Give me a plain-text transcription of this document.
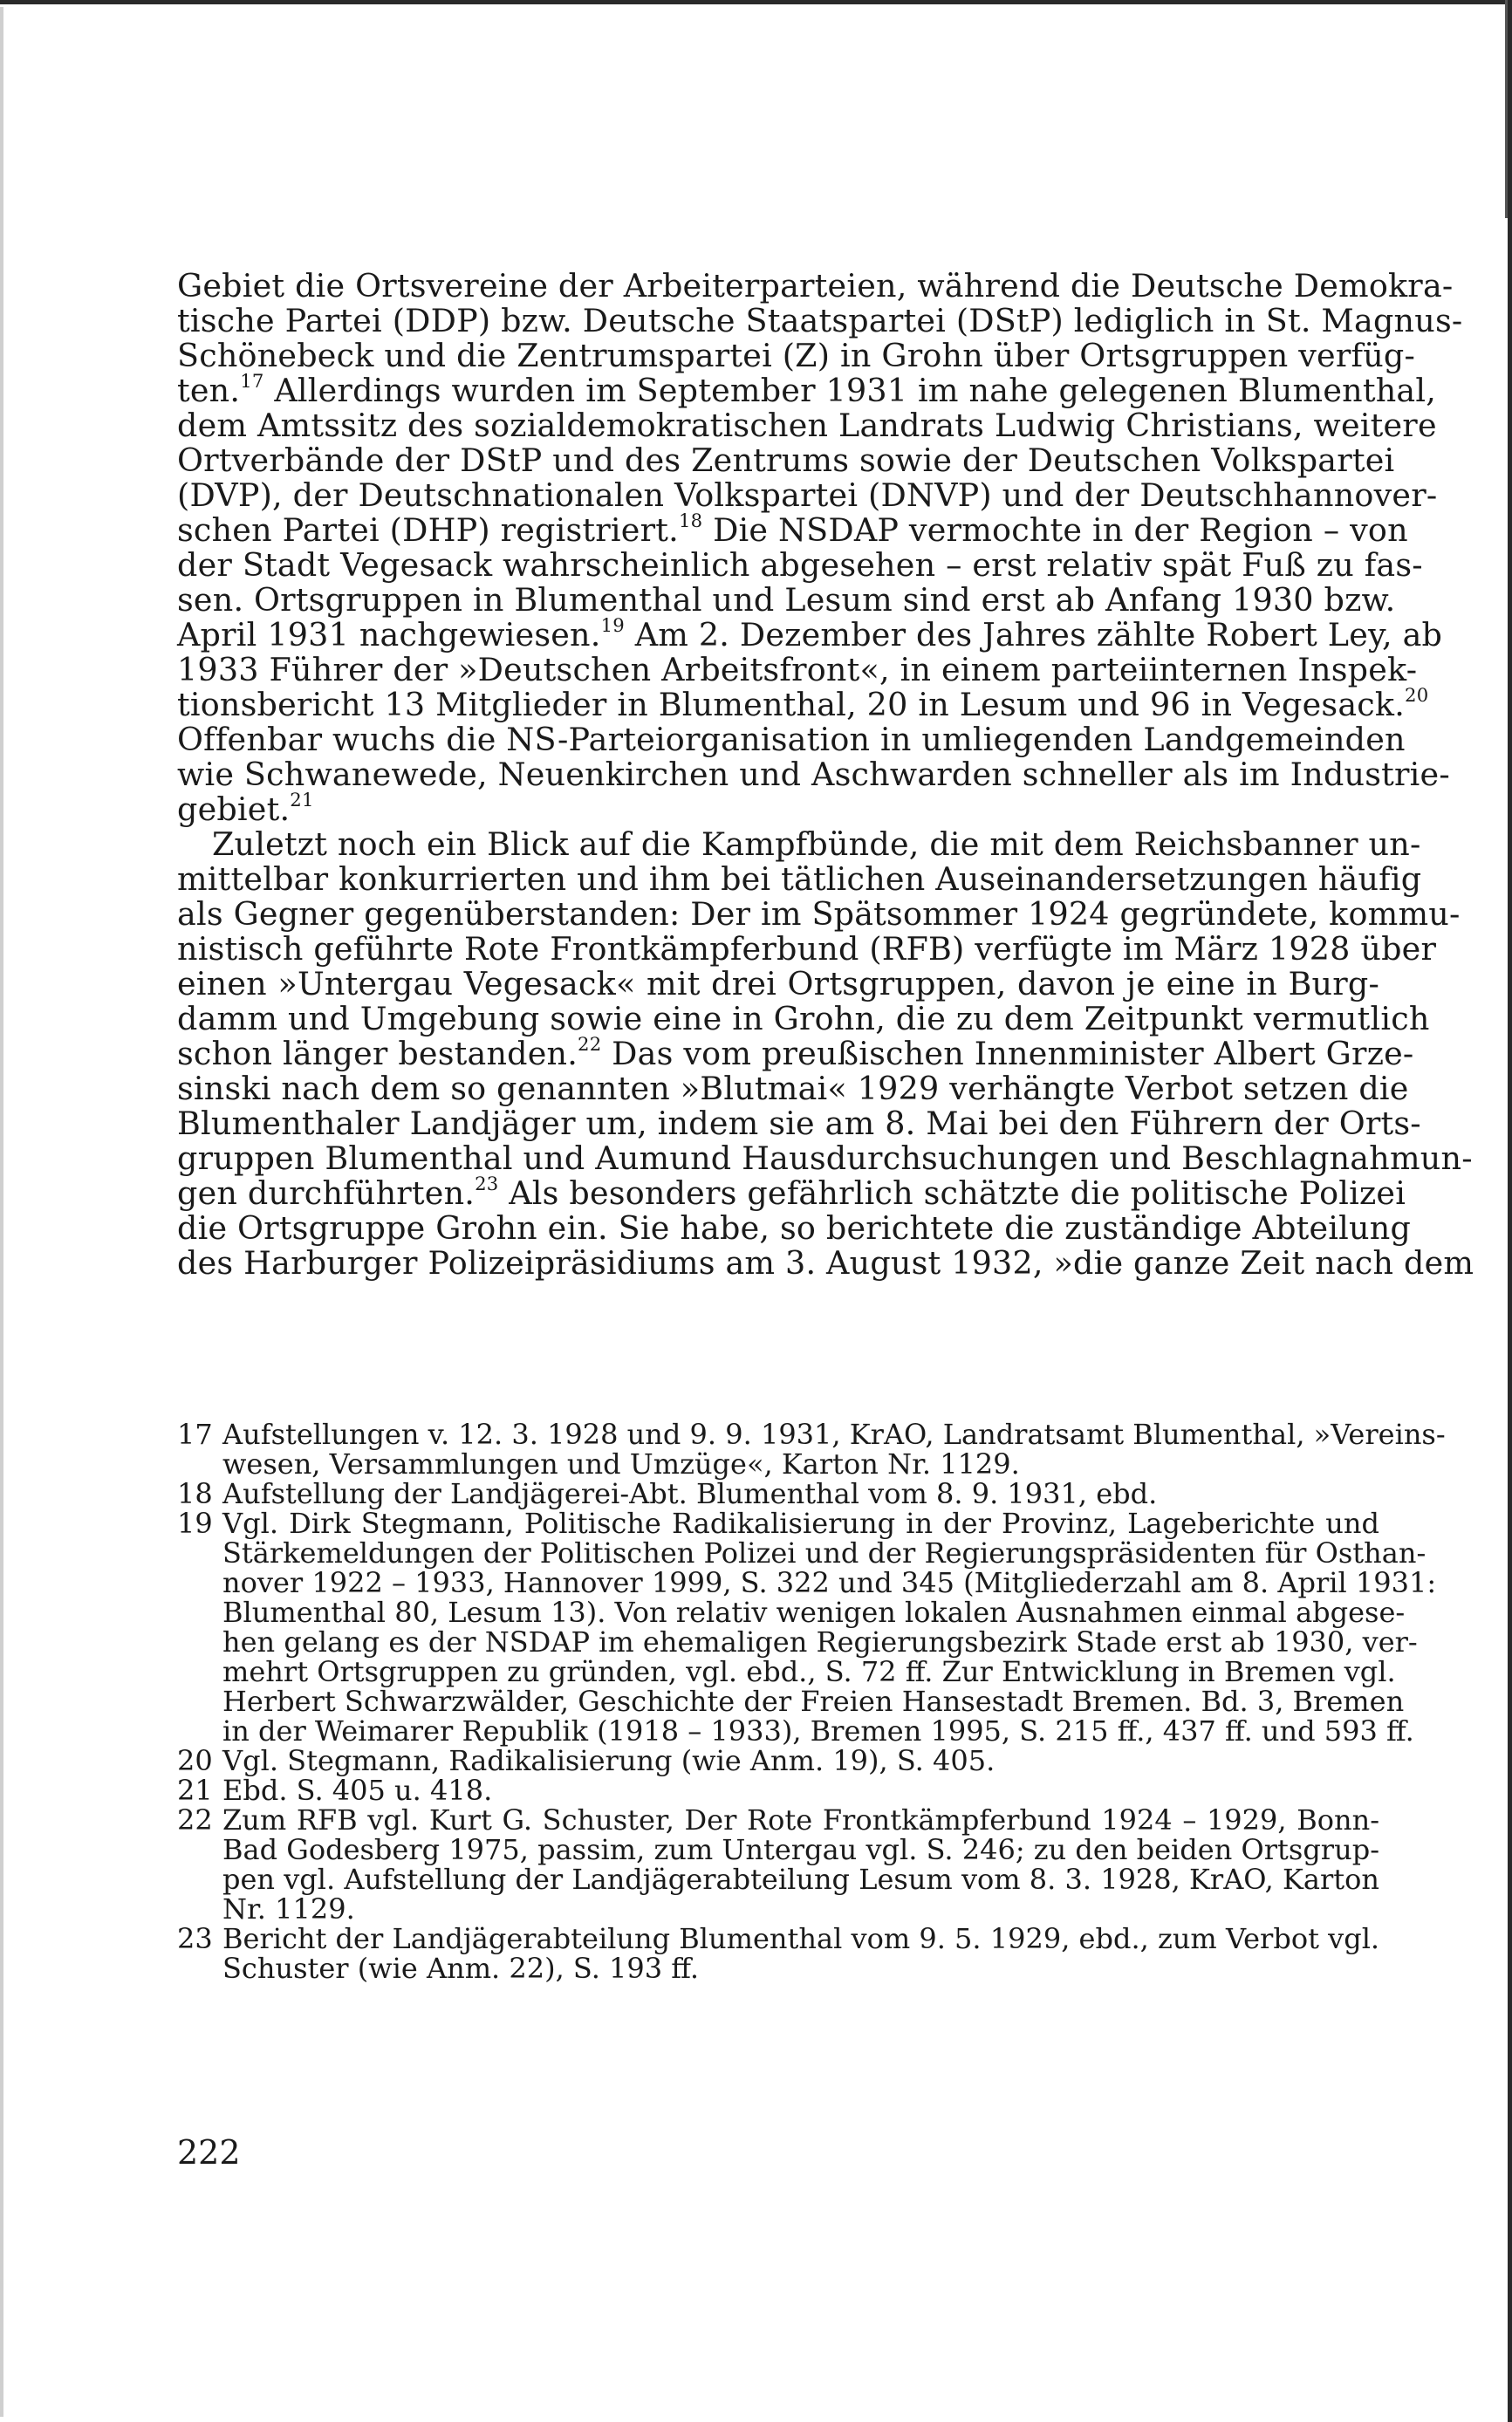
Gebiet die Ortsvereine der Arbeiterparteien, während die Deutsche Demokra-
tische Partei (DDP) bzw. Deutsche Staatspartei (DStP) lediglich in St. Magnus-
Schönebeck und die Zentrumspartei (Z) in Grohn über Ortsgruppen verfüg-
ten.$^{17}$ Allerdings wurden im September 1931 im nahe gelegenen Blumenthal,
dem Amtssitz des sozialdemokratischen Landrats Ludwig Christians, weitere
Ortverbände der DStP und des Zentrums sowie der Deutschen Volkspartei
(DVP), der Deutschnationalen Volkspartei (DNVP) und der Deutschhannover-
schen Partei (DHP) registriert.$^{18}$ Die NSDAP vermochte in der Region – von
der Stadt Vegesack wahrscheinlich abgesehen – erst relativ spät Fuß zu fas-
sen. Ortsgruppen in Blumenthal und Lesum sind erst ab Anfang 1930 bzw.
April 1931 nachgewiesen.$^{19}$ Am 2. Dezember des Jahres zählte Robert Ley, ab
1933 Führer der »Deutschen Arbeitsfront«, in einem parteiinternen Inspek-
tionsbericht 13 Mitglieder in Blumenthal, 20 in Lesum und 96 in Vegesack.$^{20}$
Offenbar wuchs die NS-Parteiorganisation in umliegenden Landgemeinden
wie Schwanewede, Neuenkirchen und Aschwarden schneller als im Industrie-
gebiet.$^{21}$
Zuletzt noch ein Blick auf die Kampfbünde, die mit dem Reichsbanner un-
mittelbar konkurrierten und ihm bei tätlichen Auseinandersetzungen häufig
als Gegner gegenüberstanden: Der im Spätsommer 1924 gegründete, kommu-
nistisch geführte Rote Frontkämpferbund (RFB) verfügte im März 1928 über
einen »Untergau Vegesack« mit drei Ortsgruppen, davon je eine in Burg-
damm und Umgebung sowie eine in Grohn, die zu dem Zeitpunkt vermutlich
schon länger bestanden.$^{22}$ Das vom preußischen Innenminister Albert Grze-
sinski nach dem so genannten »Blutmai« 1929 verhängte Verbot setzen die
Blumenthaler Landjäger um, indem sie am 8. Mai bei den Führern der Orts-
gruppen Blumenthal und Aumund Hausdurchsuchungen und Beschlagnahmun-
gen durchführten.$^{23}$ Als besonders gefährlich schätzte die politische Polizei
die Ortsgruppe Grohn ein. Sie habe, so berichtete die zuständige Abteilung
des Harburger Polizeipräsidiums am 3. August 1932, »die ganze Zeit nach dem
17 Aufstellungen v. 12. 3. 1928 und 9. 9. 1931, KrAO, Landratsamt Blumenthal, »Vereins-
wesen, Versammlungen und Umzüge«, Karton Nr. 1129.
18 Aufstellung der Landjägerei-Abt. Blumenthal vom 8. 9. 1931, ebd.
19 Vgl. Dirk Stegmann, Politische Radikalisierung in der Provinz, Lageberichte und
Stärkemeldungen der Politischen Polizei und der Regierungspräsidenten für Osthan-
nover 1922 – 1933, Hannover 1999, S. 322 und 345 (Mitgliederzahl am 8. April 1931:
Blumenthal 80, Lesum 13). Von relativ wenigen lokalen Ausnahmen einmal abgese-
hen gelang es der NSDAP im ehemaligen Regierungsbezirk Stade erst ab 1930, ver-
mehrt Ortsgruppen zu gründen, vgl. ebd., S. 72 ff. Zur Entwicklung in Bremen vgl.
Herbert Schwarzwälder, Geschichte der Freien Hansestadt Bremen. Bd. 3, Bremen
in der Weimarer Republik (1918 – 1933), Bremen 1995, S. 215 ff., 437 ff. und 593 ff.
20 Vgl. Stegmann, Radikalisierung (wie Anm. 19), S. 405.
21 Ebd. S. 405 u. 418.
22 Zum RFB vgl. Kurt G. Schuster, Der Rote Frontkämpferbund 1924 – 1929, Bonn-
Bad Godesberg 1975, passim, zum Untergau vgl. S. 246; zu den beiden Ortsgrup-
pen vgl. Aufstellung der Landjägerabteilung Lesum vom 8. 3. 1928, KrAO, Karton
Nr. 1129.
23 Bericht der Landjägerabteilung Blumenthal vom 9. 5. 1929, ebd., zum Verbot vgl.
Schuster (wie Anm. 22), S. 193 ff.
222
